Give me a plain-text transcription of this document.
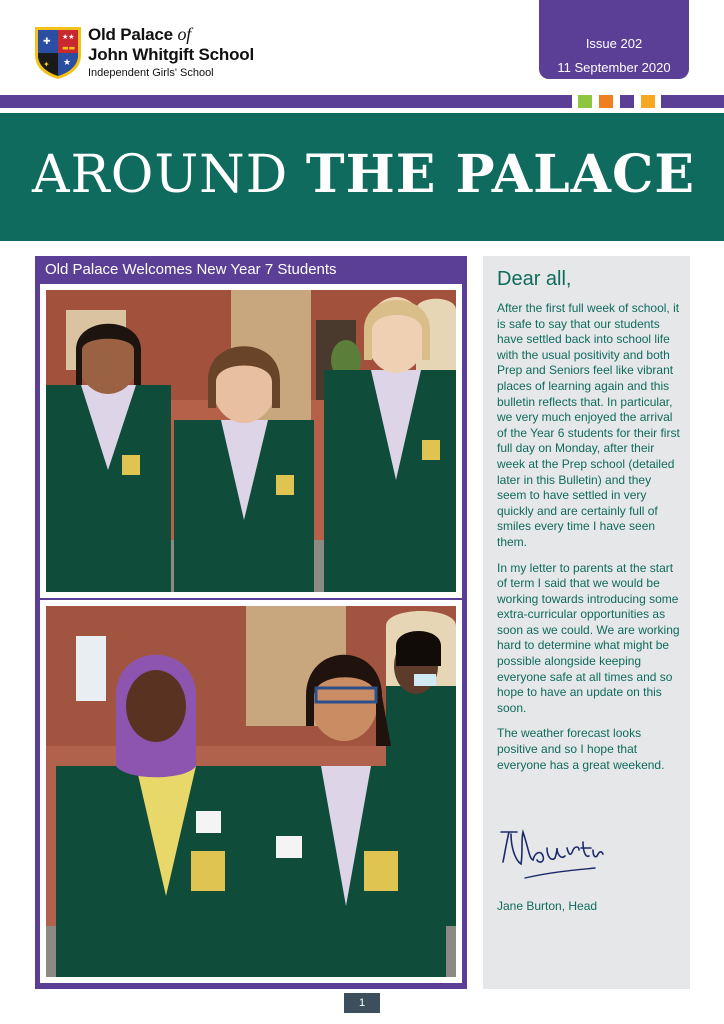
✚ ★★
▬▬
✦ ★
Old Palace of
John Whitgift School
Independent Girls' School
Issue 202
11 September 2020
AROUND THE PALACE
Old Palace Welcomes New Year 7 Students	Dear all,

After the first full week of school, it is safe to say that our students have settled back into school life with the usual positivity and both Prep and Seniors feel like vibrant places of learning again and this bulletin reflects that. In particular, we very much enjoyed the arrival of the Year 6 students for their first full day on Monday, after their week at the Prep school (detailed later in this Bulletin) and they seem to have settled in very quickly and are certainly full of smiles every time I have seen them.

In my letter to parents at the start of term I said that we would be working towards introducing some extra-curricular opportunities as soon as we could. We are working hard to determine what might be possible alongside keeping everyone safe at all times and so hope to have an update on this soon.

The weather forecast looks positive and so I hope that everyone has a great weekend.

Jane Burton, Head
1
